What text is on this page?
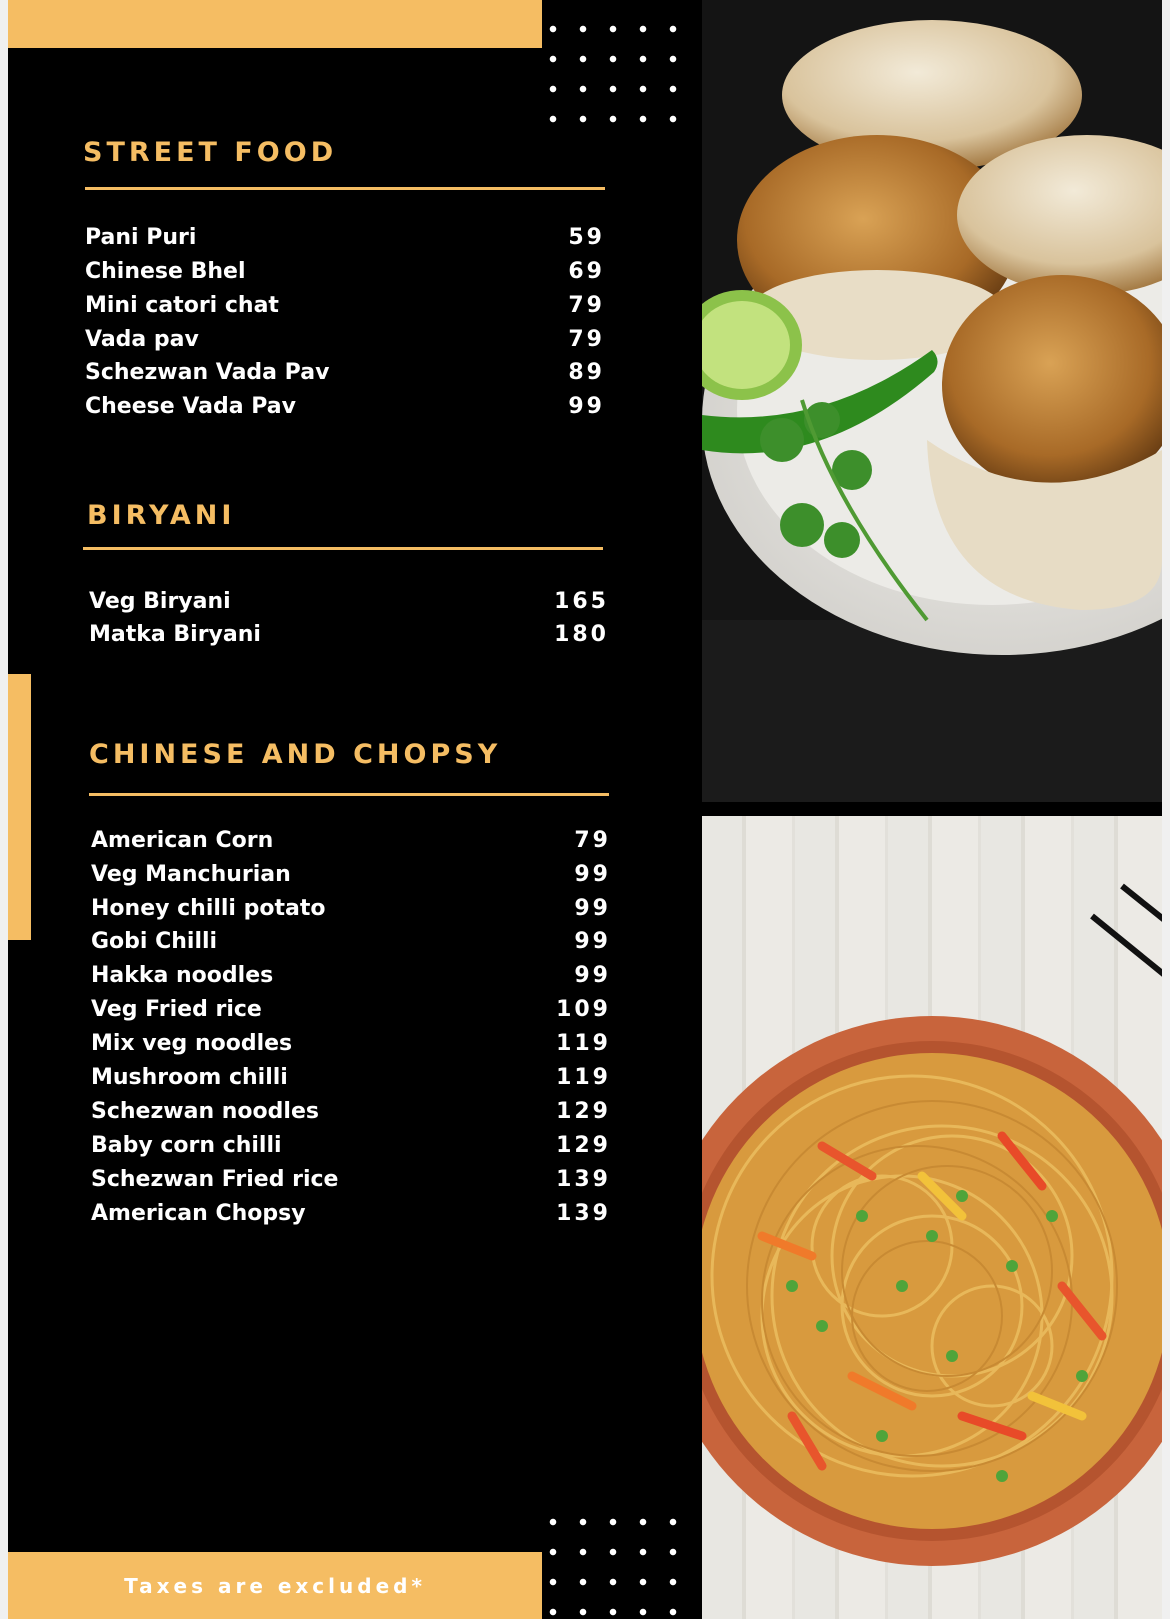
STREET FOOD
Pani Puri	59
Chinese Bhel	69
Mini catori chat	79
Vada pav	79
Schezwan Vada Pav	89
Cheese Vada Pav	99
BIRYANI
Veg Biryani	165
Matka Biryani	180
CHINESE AND CHOPSY
American Corn	79
Veg Manchurian	99
Honey chilli potato	99
Gobi Chilli	99
Hakka noodles	99
Veg Fried rice	109
Mix veg noodles	119
Mushroom chilli	119
Schezwan noodles	129
Baby corn chilli	129
Schezwan Fried rice	139
American Chopsy	139
Taxes are excluded*
